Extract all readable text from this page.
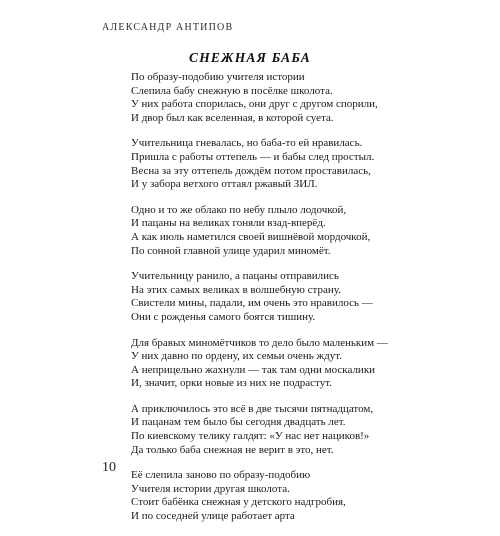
АЛЕКСАНДР АНТИПОВ
СНЕЖНАЯ БАБА
По образу-подобию учителя истории
Слепила бабу снежную в посёлке школота.
У них работа спорилась, они друг с другом спорили,
И двор был как вселенная, в которой суета.
Учительница гневалась, но баба-то ей нравилась.
Пришла с работы оттепель — и бабы след простыл.
Весна за эту оттепель дождём потом проставилась,
И у забора ветхого оттаял ржавый ЗИЛ.
Одно и то же облако по небу плыло лодочкой,
И пацаны на великах гоняли взад-вперёд.
А как июль наметился своей вишнёвой мордочкой,
По сонной главной улице ударил миномёт.
Учительницу ранило, а пацаны отправились
На этих самых великах в волшебную страну.
Свистели мины, падали, им очень это нравилось —
Они с рожденья самого боятся тишину.
Для бравых миномётчиков то дело было маленьким —
У них давно по ордену, их семьи очень ждут.
А неприцельно жахнули — так там одни москалики
И, значит, орки новые из них не подрастут.
А приключилось это всё в две тысячи пятнадцатом,
И пацанам тем было бы сегодня двадцать лет.
По киевскому телику галдят: «У нас нет нациков!»
Да только баба снежная не верит в это, нет.
Её слепила заново по образу-подобию
Учителя истории другая школота.
Стоит бабёнка снежная у детского надгробия,
И по соседней улице работает арта
10
